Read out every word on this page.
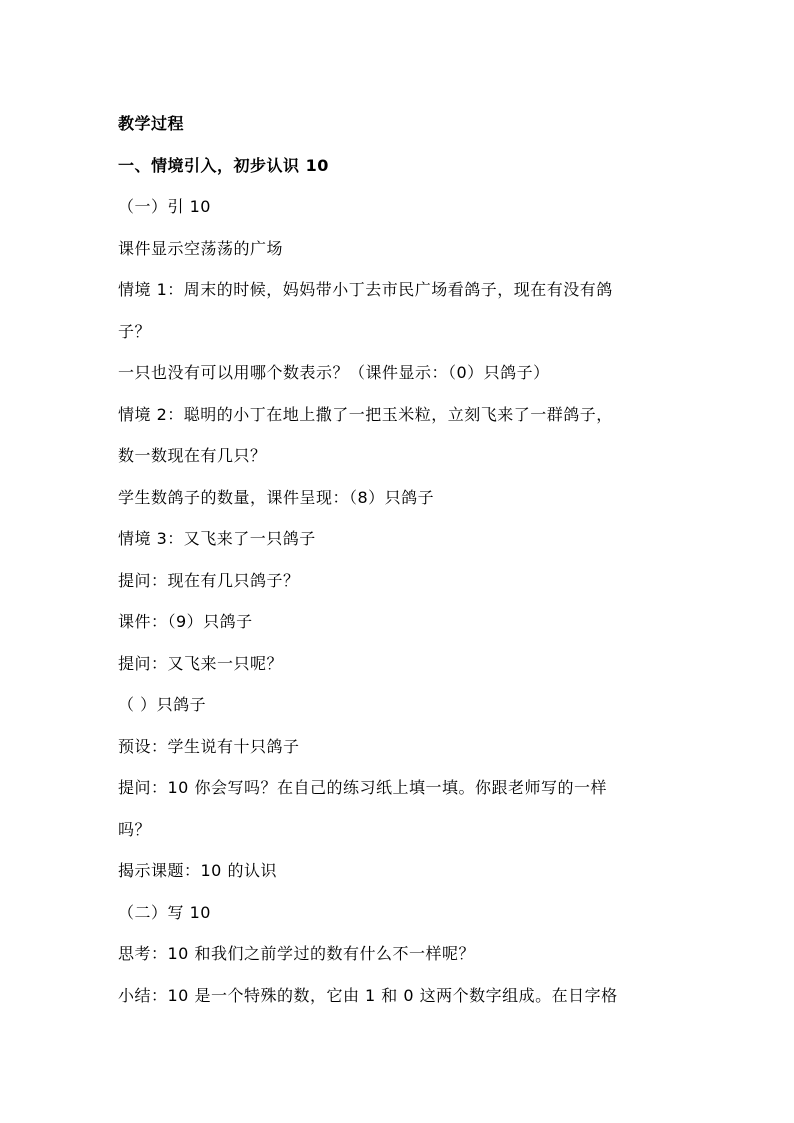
教学过程
一、情境引入，初步认识 10
（一）引 10
课件显示空荡荡的广场
情境 1：周末的时候，妈妈带小丁去市民广场看鸽子，现在有没有鸽
子？
一只也没有可以用哪个数表示？（课件显示：（0）只鸽子）
情境 2：聪明的小丁在地上撒了一把玉米粒，立刻飞来了一群鸽子，
数一数现在有几只？
学生数鸽子的数量，课件呈现：（8）只鸽子
情境 3：又飞来了一只鸽子
提问：现在有几只鸽子？
课件：（9）只鸽子
提问：又飞来一只呢？
（ ）只鸽子
预设：学生说有十只鸽子
提问：10 你会写吗？在自己的练习纸上填一填。你跟老师写的一样
吗？
揭示课题：10 的认识
（二）写 10
思考：10 和我们之前学过的数有什么不一样呢？
小结：10 是一个特殊的数，它由 1 和 0 这两个数字组成。在日字格
